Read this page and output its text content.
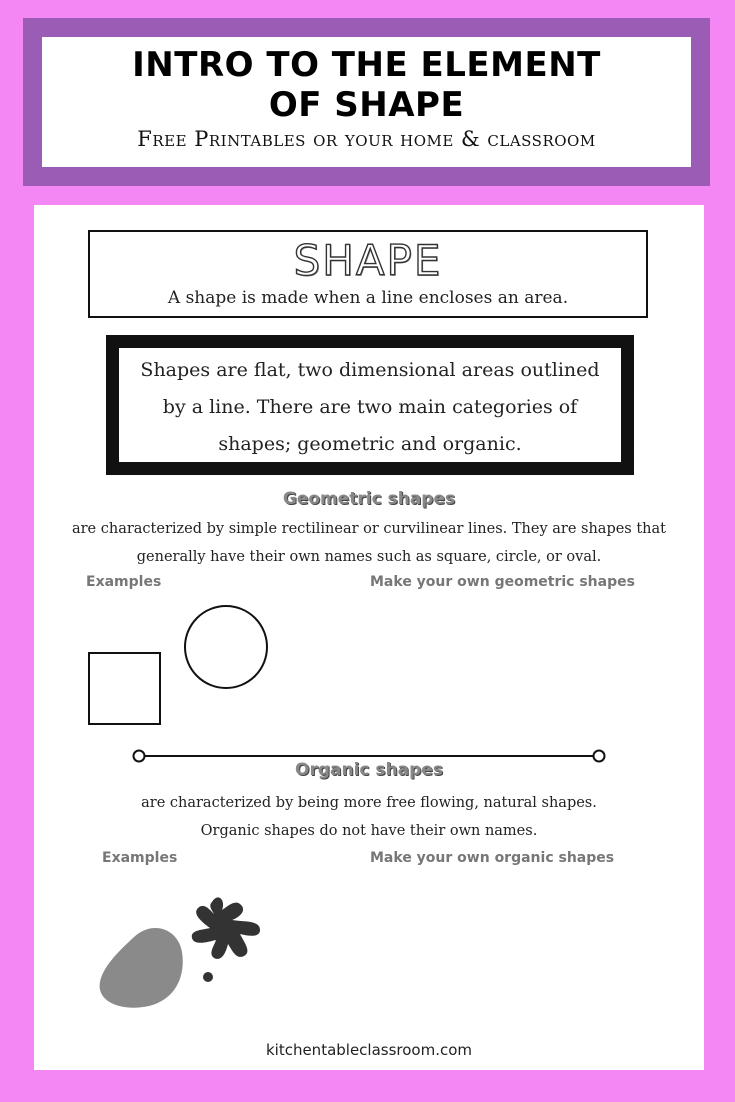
INTRO TO THE ELEMENT
OF SHAPE
Free Printables or your home & classroom
SHAPE
A shape is made when a line encloses an area.
Shapes are flat, two dimensional areas outlined
by a line. There are two main categories of
shapes; geometric and organic.
Geometric shapes
are characterized by simple rectilinear or curvilinear lines. They are shapes that
generally have their own names such as square, circle, or oval.
Examples	Make your own geometric shapes
Organic shapes
are characterized by being more free flowing, natural shapes.
Organic shapes do not have their own names.
Examples	Make your own organic shapes
kitchentableclassroom.com
